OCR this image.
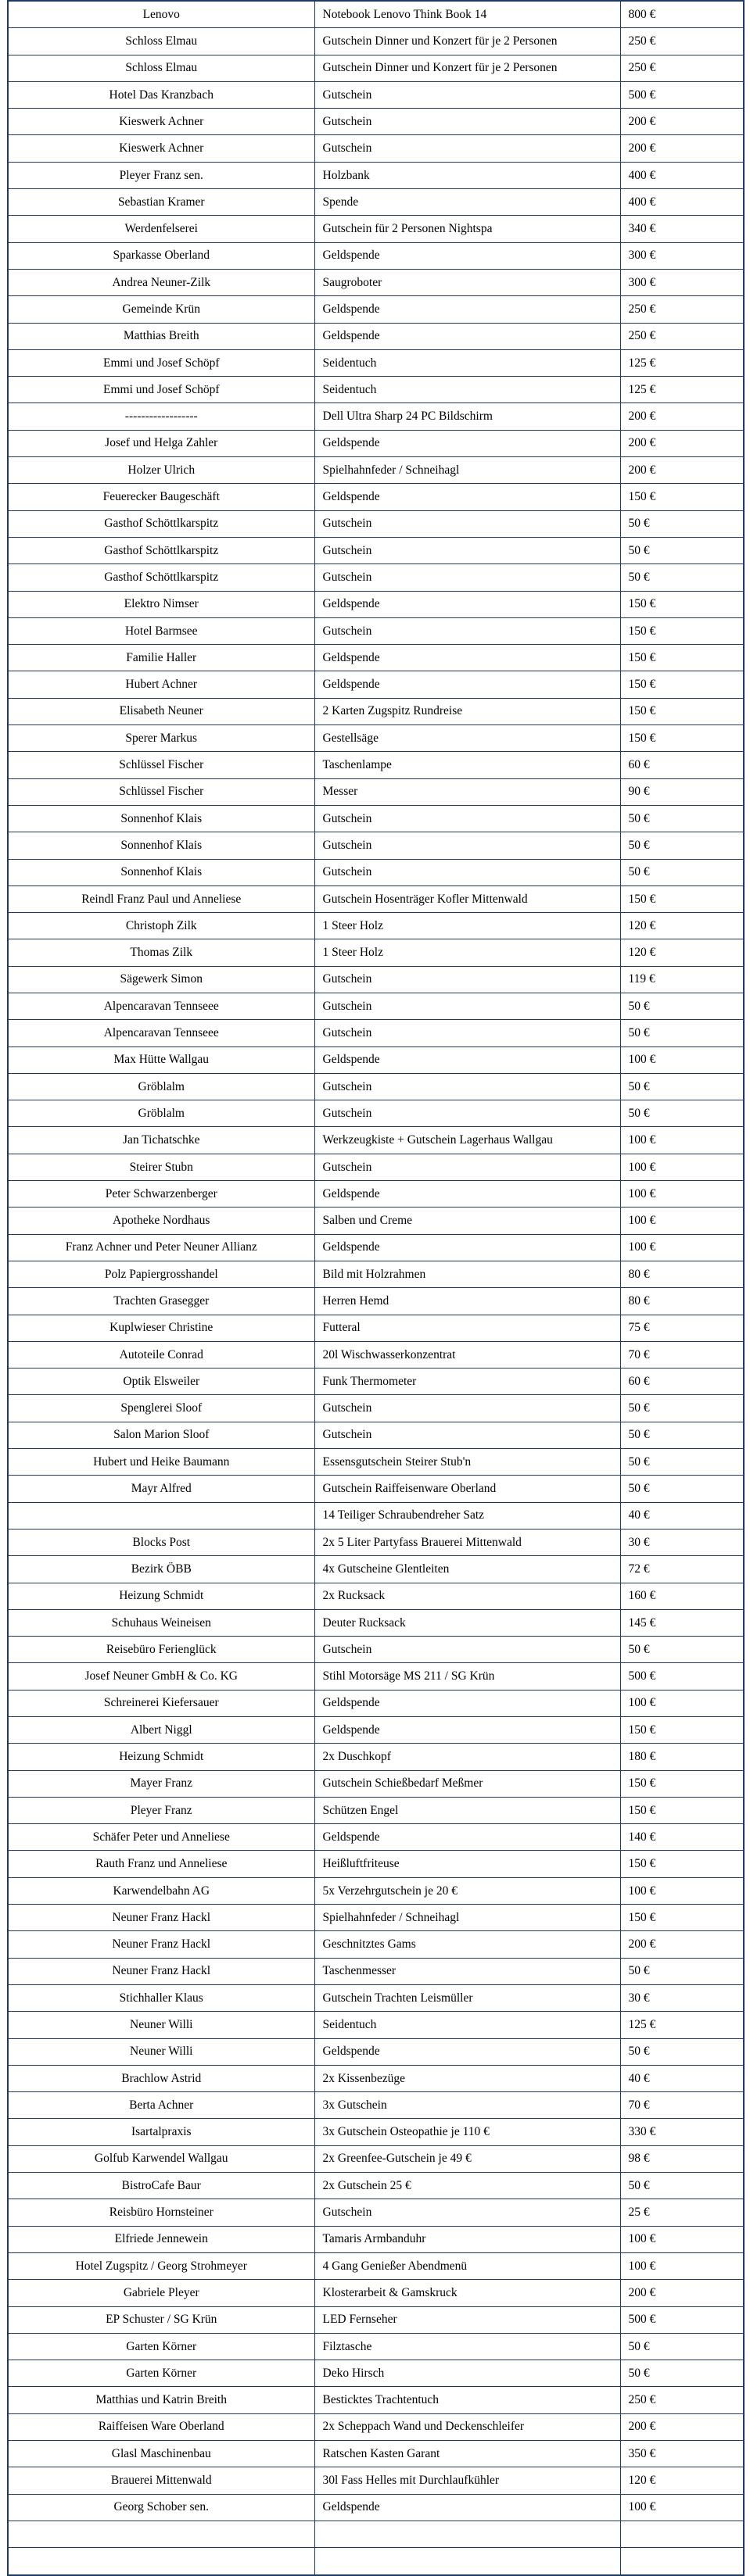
Lenovo	Notebook Lenovo Think Book 14	800 €
Schloss Elmau	Gutschein Dinner und Konzert für je 2 Personen	250 €
Schloss Elmau	Gutschein Dinner und Konzert für je 2 Personen	250 €
Hotel Das Kranzbach	Gutschein	500 €
Kieswerk Achner	Gutschein	200 €
Kieswerk Achner	Gutschein	200 €
Pleyer Franz sen.	Holzbank	400 €
Sebastian Kramer	Spende	400 €
Werdenfelserei	Gutschein für 2 Personen Nightspa	340 €
Sparkasse Oberland	Geldspende	300 €
Andrea Neuner-Zilk	Saugroboter	300 €
Gemeinde Krün	Geldspende	250 €
Matthias Breith	Geldspende	250 €
Emmi und Josef Schöpf	Seidentuch	125 €
Emmi und Josef Schöpf	Seidentuch	125 €
------------------	Dell Ultra Sharp 24 PC Bildschirm	200 €
Josef und Helga Zahler	Geldspende	200 €
Holzer Ulrich	Spielhahnfeder / Schneihagl	200 €
Feuerecker Baugeschäft	Geldspende	150 €
Gasthof Schöttlkarspitz	Gutschein	50 €
Gasthof Schöttlkarspitz	Gutschein	50 €
Gasthof Schöttlkarspitz	Gutschein	50 €
Elektro Nimser	Geldspende	150 €
Hotel Barmsee	Gutschein	150 €
Familie Haller	Geldspende	150 €
Hubert Achner	Geldspende	150 €
Elisabeth Neuner	2 Karten Zugspitz Rundreise	150 €
Sperer Markus	Gestellsäge	150 €
Schlüssel Fischer	Taschenlampe	60 €
Schlüssel Fischer	Messer	90 €
Sonnenhof Klais	Gutschein	50 €
Sonnenhof Klais	Gutschein	50 €
Sonnenhof Klais	Gutschein	50 €
Reindl Franz Paul und Anneliese	Gutschein Hosenträger Kofler Mittenwald	150 €
Christoph Zilk	1 Steer Holz	120 €
Thomas Zilk	1 Steer Holz	120 €
Sägewerk Simon	Gutschein	119 €
Alpencaravan Tennseee	Gutschein	50 €
Alpencaravan Tennseee	Gutschein	50 €
Max Hütte Wallgau	Geldspende	100 €
Gröblalm	Gutschein	50 €
Gröblalm	Gutschein	50 €
Jan Tichatschke	Werkzeugkiste + Gutschein Lagerhaus Wallgau	100 €
Steirer Stubn	Gutschein	100 €
Peter Schwarzenberger	Geldspende	100 €
Apotheke Nordhaus	Salben und Creme	100 €
Franz Achner und Peter Neuner Allianz	Geldspende	100 €
Polz Papiergrosshandel	Bild mit Holzrahmen	80 €
Trachten Grasegger	Herren Hemd	80 €
Kuplwieser Christine	Futteral	75 €
Autoteile Conrad	20l Wischwasserkonzentrat	70 €
Optik Elsweiler	Funk Thermometer	60 €
Spenglerei Sloof	Gutschein	50 €
Salon Marion Sloof	Gutschein	50 €
Hubert und Heike Baumann	Essensgutschein Steirer Stub'n	50 €
Mayr Alfred	Gutschein Raiffeisenware Oberland	50 €
	14 Teiliger Schraubendreher Satz	40 €
Blocks Post	2x 5 Liter Partyfass Brauerei Mittenwald	30 €
Bezirk ÖBB	4x Gutscheine Glentleiten	72 €
Heizung Schmidt	2x Rucksack	160 €
Schuhaus Weineisen	Deuter Rucksack	145 €
Reisebüro Ferienglück	Gutschein	50 €
Josef Neuner GmbH & Co. KG	Stihl Motorsäge MS 211 / SG Krün	500 €
Schreinerei Kiefersauer	Geldspende	100 €
Albert Niggl	Geldspende	150 €
Heizung Schmidt	2x Duschkopf	180 €
Mayer Franz	Gutschein Schießbedarf Meßmer	150 €
Pleyer Franz	Schützen Engel	150 €
Schäfer Peter und Anneliese	Geldspende	140 €
Rauth Franz und Anneliese	Heißluftfriteuse	150 €
Karwendelbahn AG	5x Verzehrgutschein je 20 €	100 €
Neuner Franz Hackl	Spielhahnfeder / Schneihagl	150 €
Neuner Franz Hackl	Geschnitztes Gams	200 €
Neuner Franz Hackl	Taschenmesser	50 €
Stichhaller Klaus	Gutschein Trachten Leismüller	30 €
Neuner Willi	Seidentuch	125 €
Neuner Willi	Geldspende	50 €
Brachlow Astrid	2x Kissenbezüge	40 €
Berta Achner	3x Gutschein	70 €
Isartalpraxis	3x Gutschein Osteopathie je 110 €	330 €
Golfub Karwendel Wallgau	2x Greenfee-Gutschein je 49 €	98 €
BistroCafe Baur	2x Gutschein 25 €	50 €
Reisbüro Hornsteiner	Gutschein	25 €
Elfriede Jennewein	Tamaris Armbanduhr	100 €
Hotel Zugspitz / Georg Strohmeyer	4 Gang Genießer Abendmenü	100 €
Gabriele Pleyer	Klosterarbeit & Gamskruck	200 €
EP Schuster / SG Krün	LED Fernseher	500 €
Garten Körner	Filztasche	50 €
Garten Körner	Deko Hirsch	50 €
Matthias und Katrin Breith	Besticktes Trachtentuch	250 €
Raiffeisen Ware Oberland	2x Scheppach Wand und Deckenschleifer	200 €
Glasl Maschinenbau	Ratschen Kasten Garant	350 €
Brauerei Mittenwald	30l Fass Helles mit Durchlaufkühler	120 €
Georg Schober sen.	Geldspende	100 €
